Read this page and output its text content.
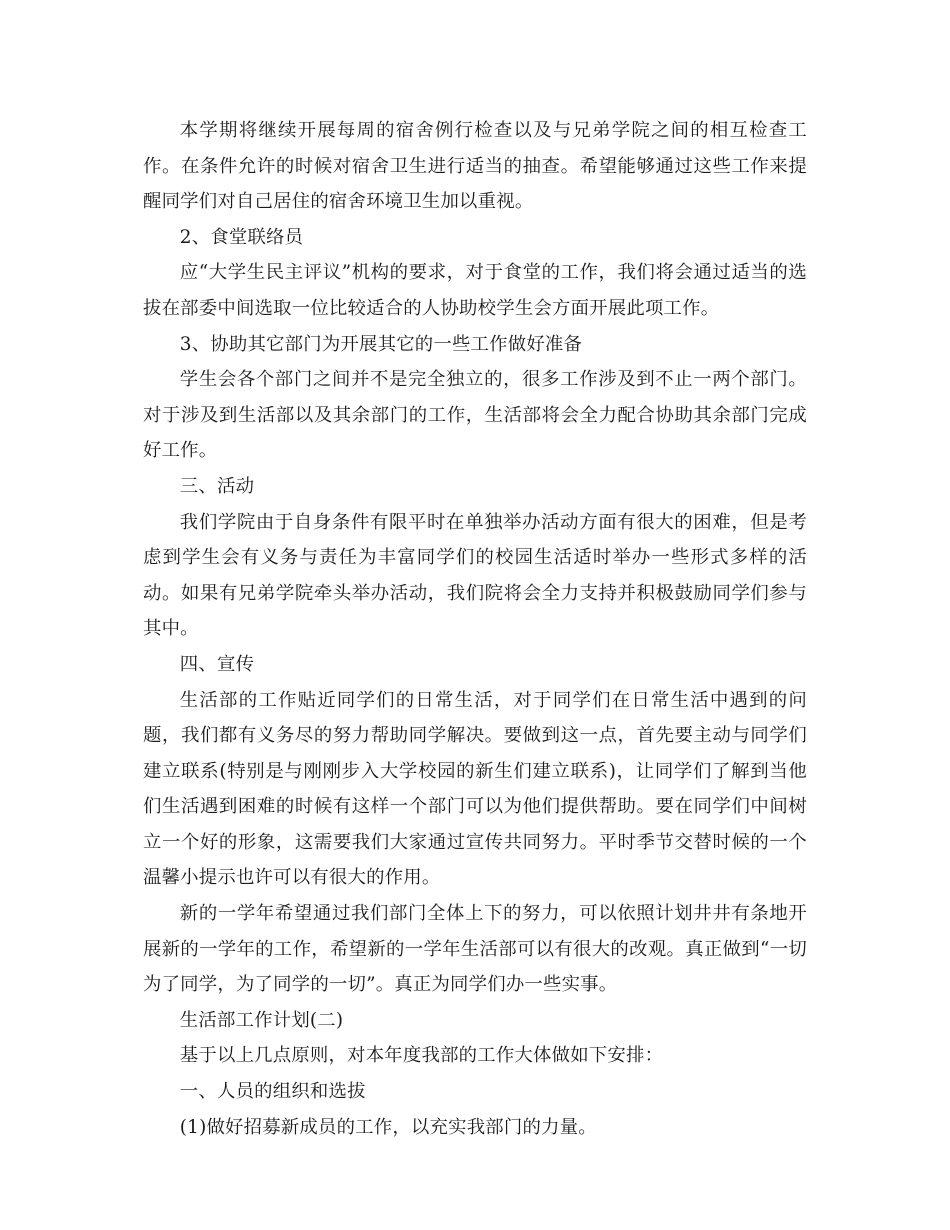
本学期将继续开展每周的宿舍例行检查以及与兄弟学院之间的相互检查工作。在条件允许的时候对宿舍卫生进行适当的抽查。希望能够通过这些工作来提醒同学们对自己居住的宿舍环境卫生加以重视。

2、食堂联络员

应“大学生民主评议”机构的要求，对于食堂的工作，我们将会通过适当的选拔在部委中间选取一位比较适合的人协助校学生会方面开展此项工作。

3、协助其它部门为开展其它的一些工作做好准备

学生会各个部门之间并不是完全独立的，很多工作涉及到不止一两个部门。对于涉及到生活部以及其余部门的工作，生活部将会全力配合协助其余部门完成好工作。

三、活动

我们学院由于自身条件有限平时在单独举办活动方面有很大的困难，但是考虑到学生会有义务与责任为丰富同学们的校园生活适时举办一些形式多样的活动。如果有兄弟学院牵头举办活动，我们院将会全力支持并积极鼓励同学们参与其中。

四、宣传

生活部的工作贴近同学们的日常生活，对于同学们在日常生活中遇到的问题，我们都有义务尽的努力帮助同学解决。要做到这一点，首先要主动与同学们建立联系(特别是与刚刚步入大学校园的新生们建立联系)，让同学们了解到当他们生活遇到困难的时候有这样一个部门可以为他们提供帮助。要在同学们中间树立一个好的形象，这需要我们大家通过宣传共同努力。平时季节交替时候的一个温馨小提示也许可以有很大的作用。

新的一学年希望通过我们部门全体上下的努力，可以依照计划井井有条地开展新的一学年的工作，希望新的一学年生活部可以有很大的改观。真正做到“一切为了同学，为了同学的一切”。真正为同学们办一些实事。

生活部工作计划(二)

基于以上几点原则，对本年度我部的工作大体做如下安排：

一、人员的组织和选拔

(1)做好招募新成员的工作，以充实我部门的力量。
